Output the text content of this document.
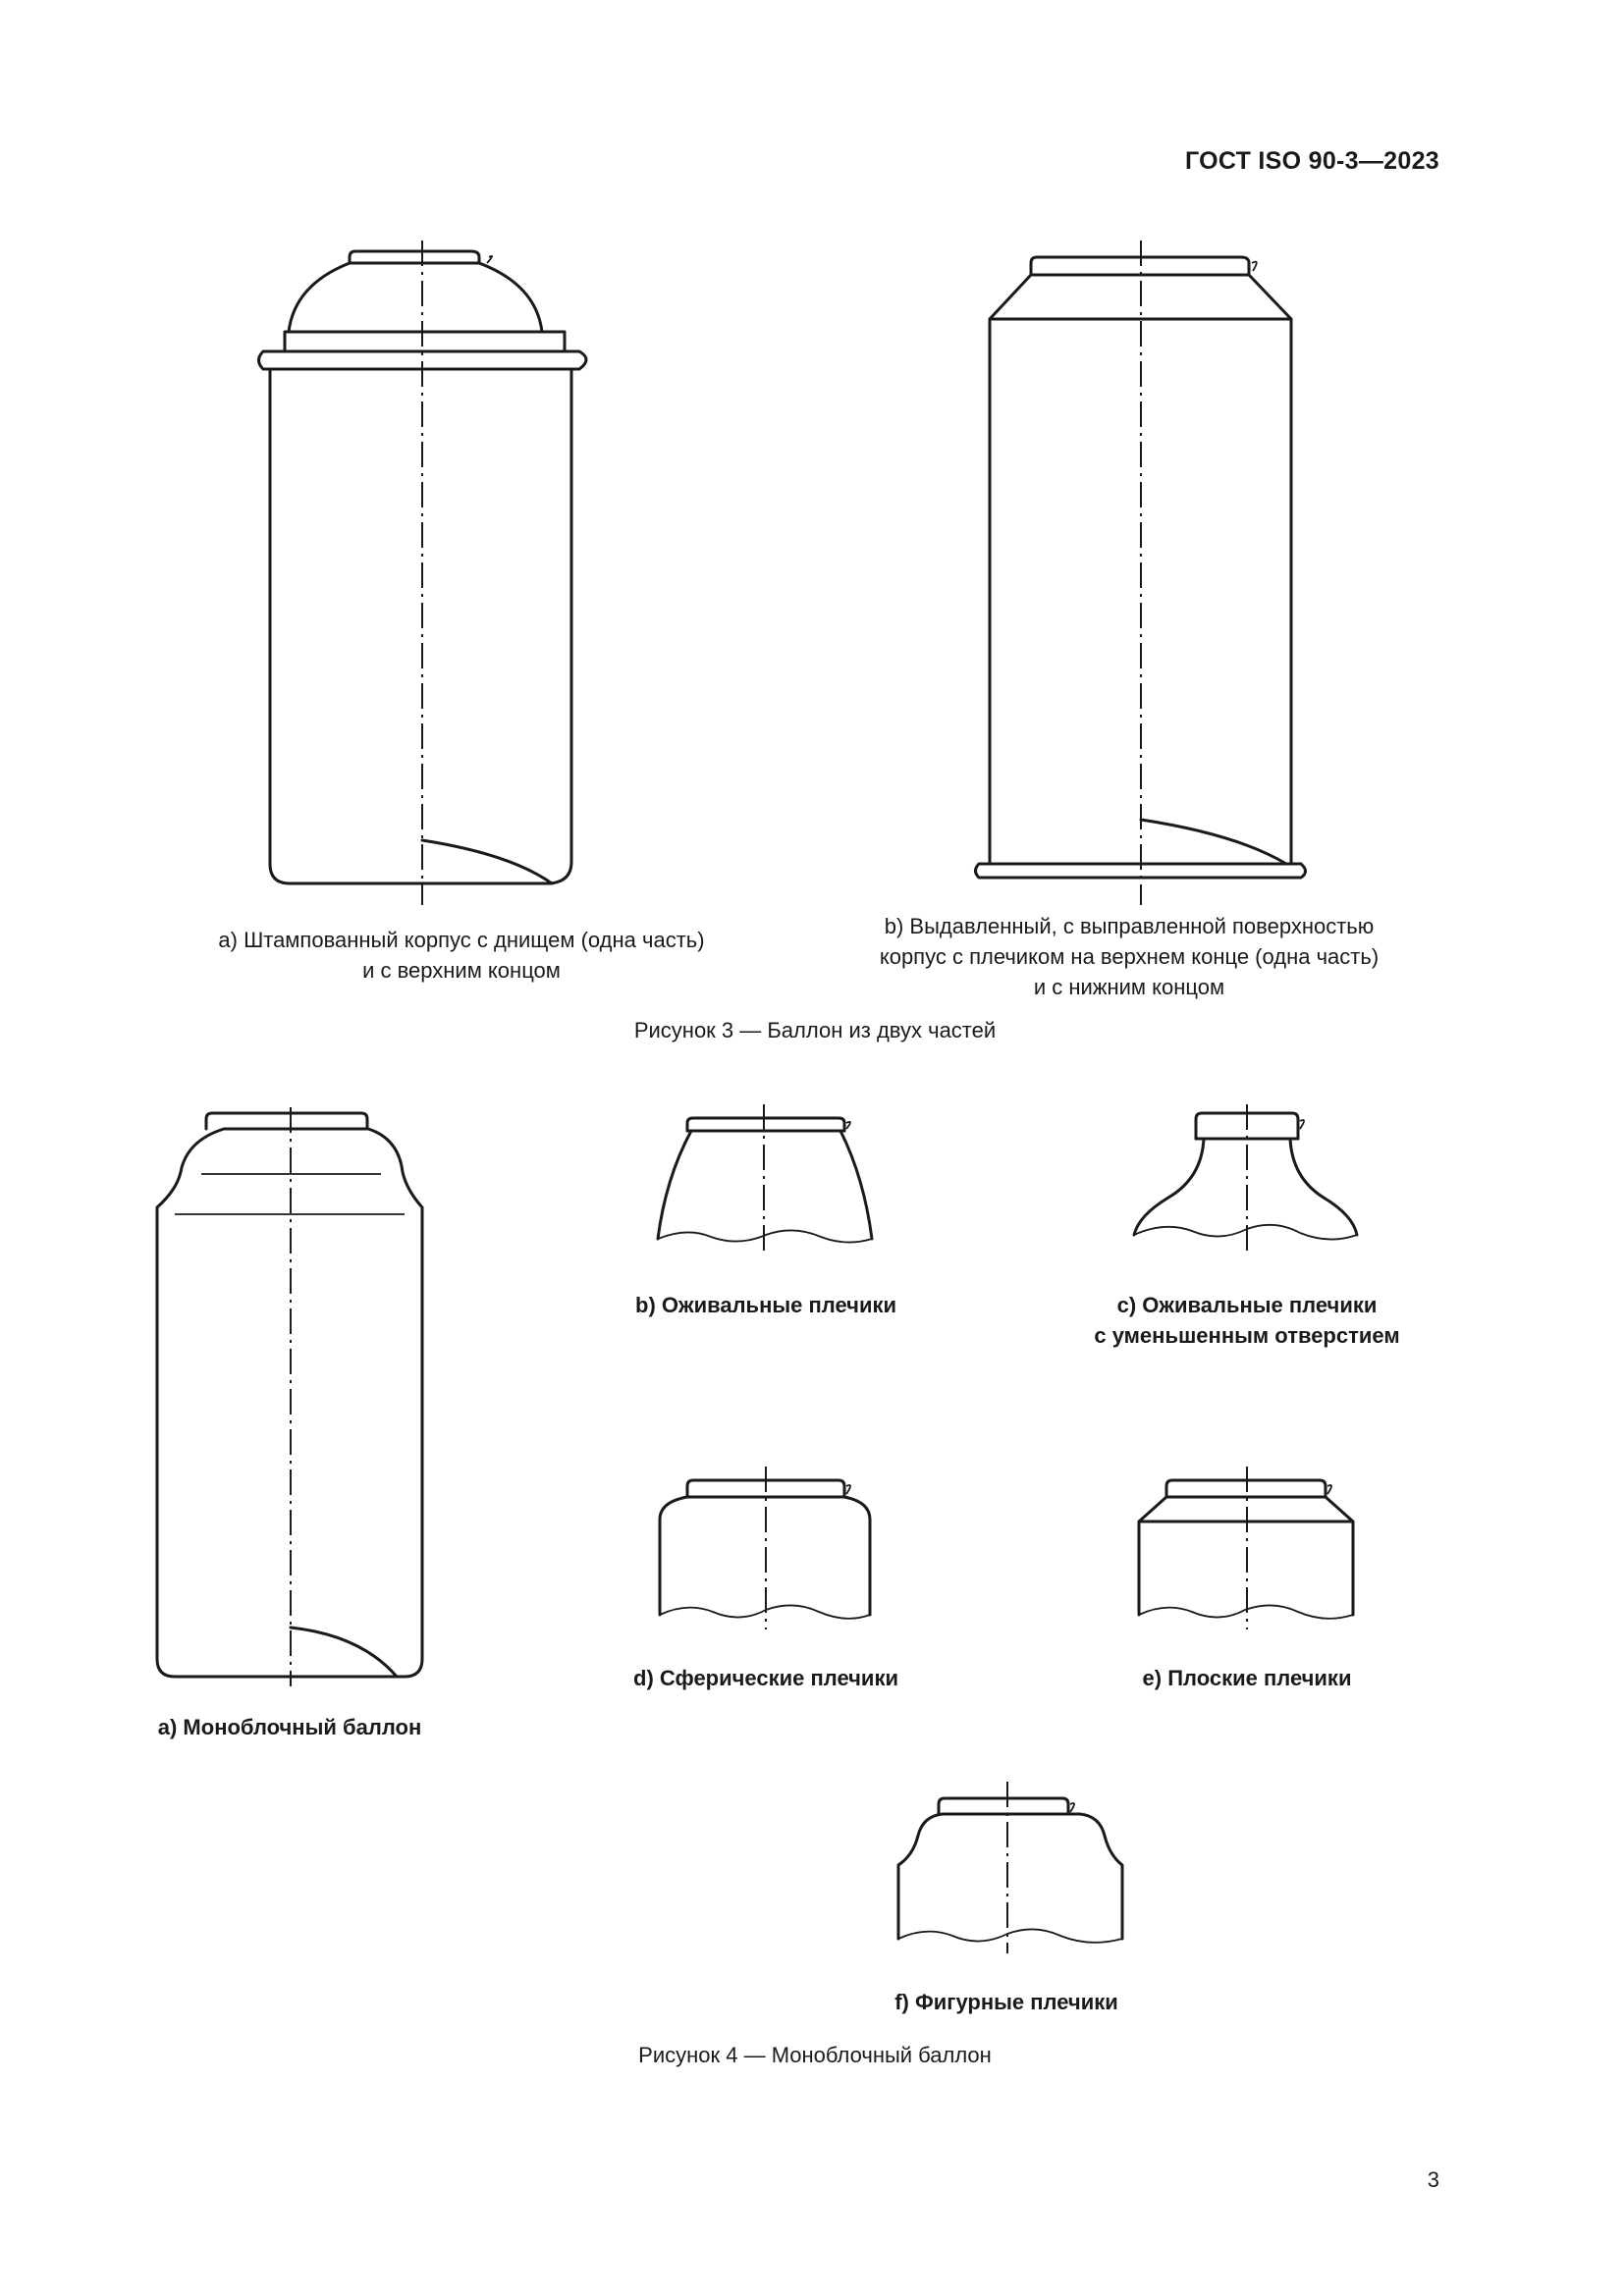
ГОСТ ISO 90-3—2023
a) Штампованный корпус с днищем (одна часть)
и с верхним концом
b) Выдавленный, с выправленной поверхностью
корпус с плечиком на верхнем конце (одна часть)
и с нижним концом
Рисунок 3 — Баллон из двух частей
b) Оживальные плечики	c) Оживальные плечики
с уменьшенным отверстием
d) Сферические плечики	e) Плоские плечики
a) Моноблочный баллон
f) Фигурные плечики
Рисунок 4 — Моноблочный баллон
3
